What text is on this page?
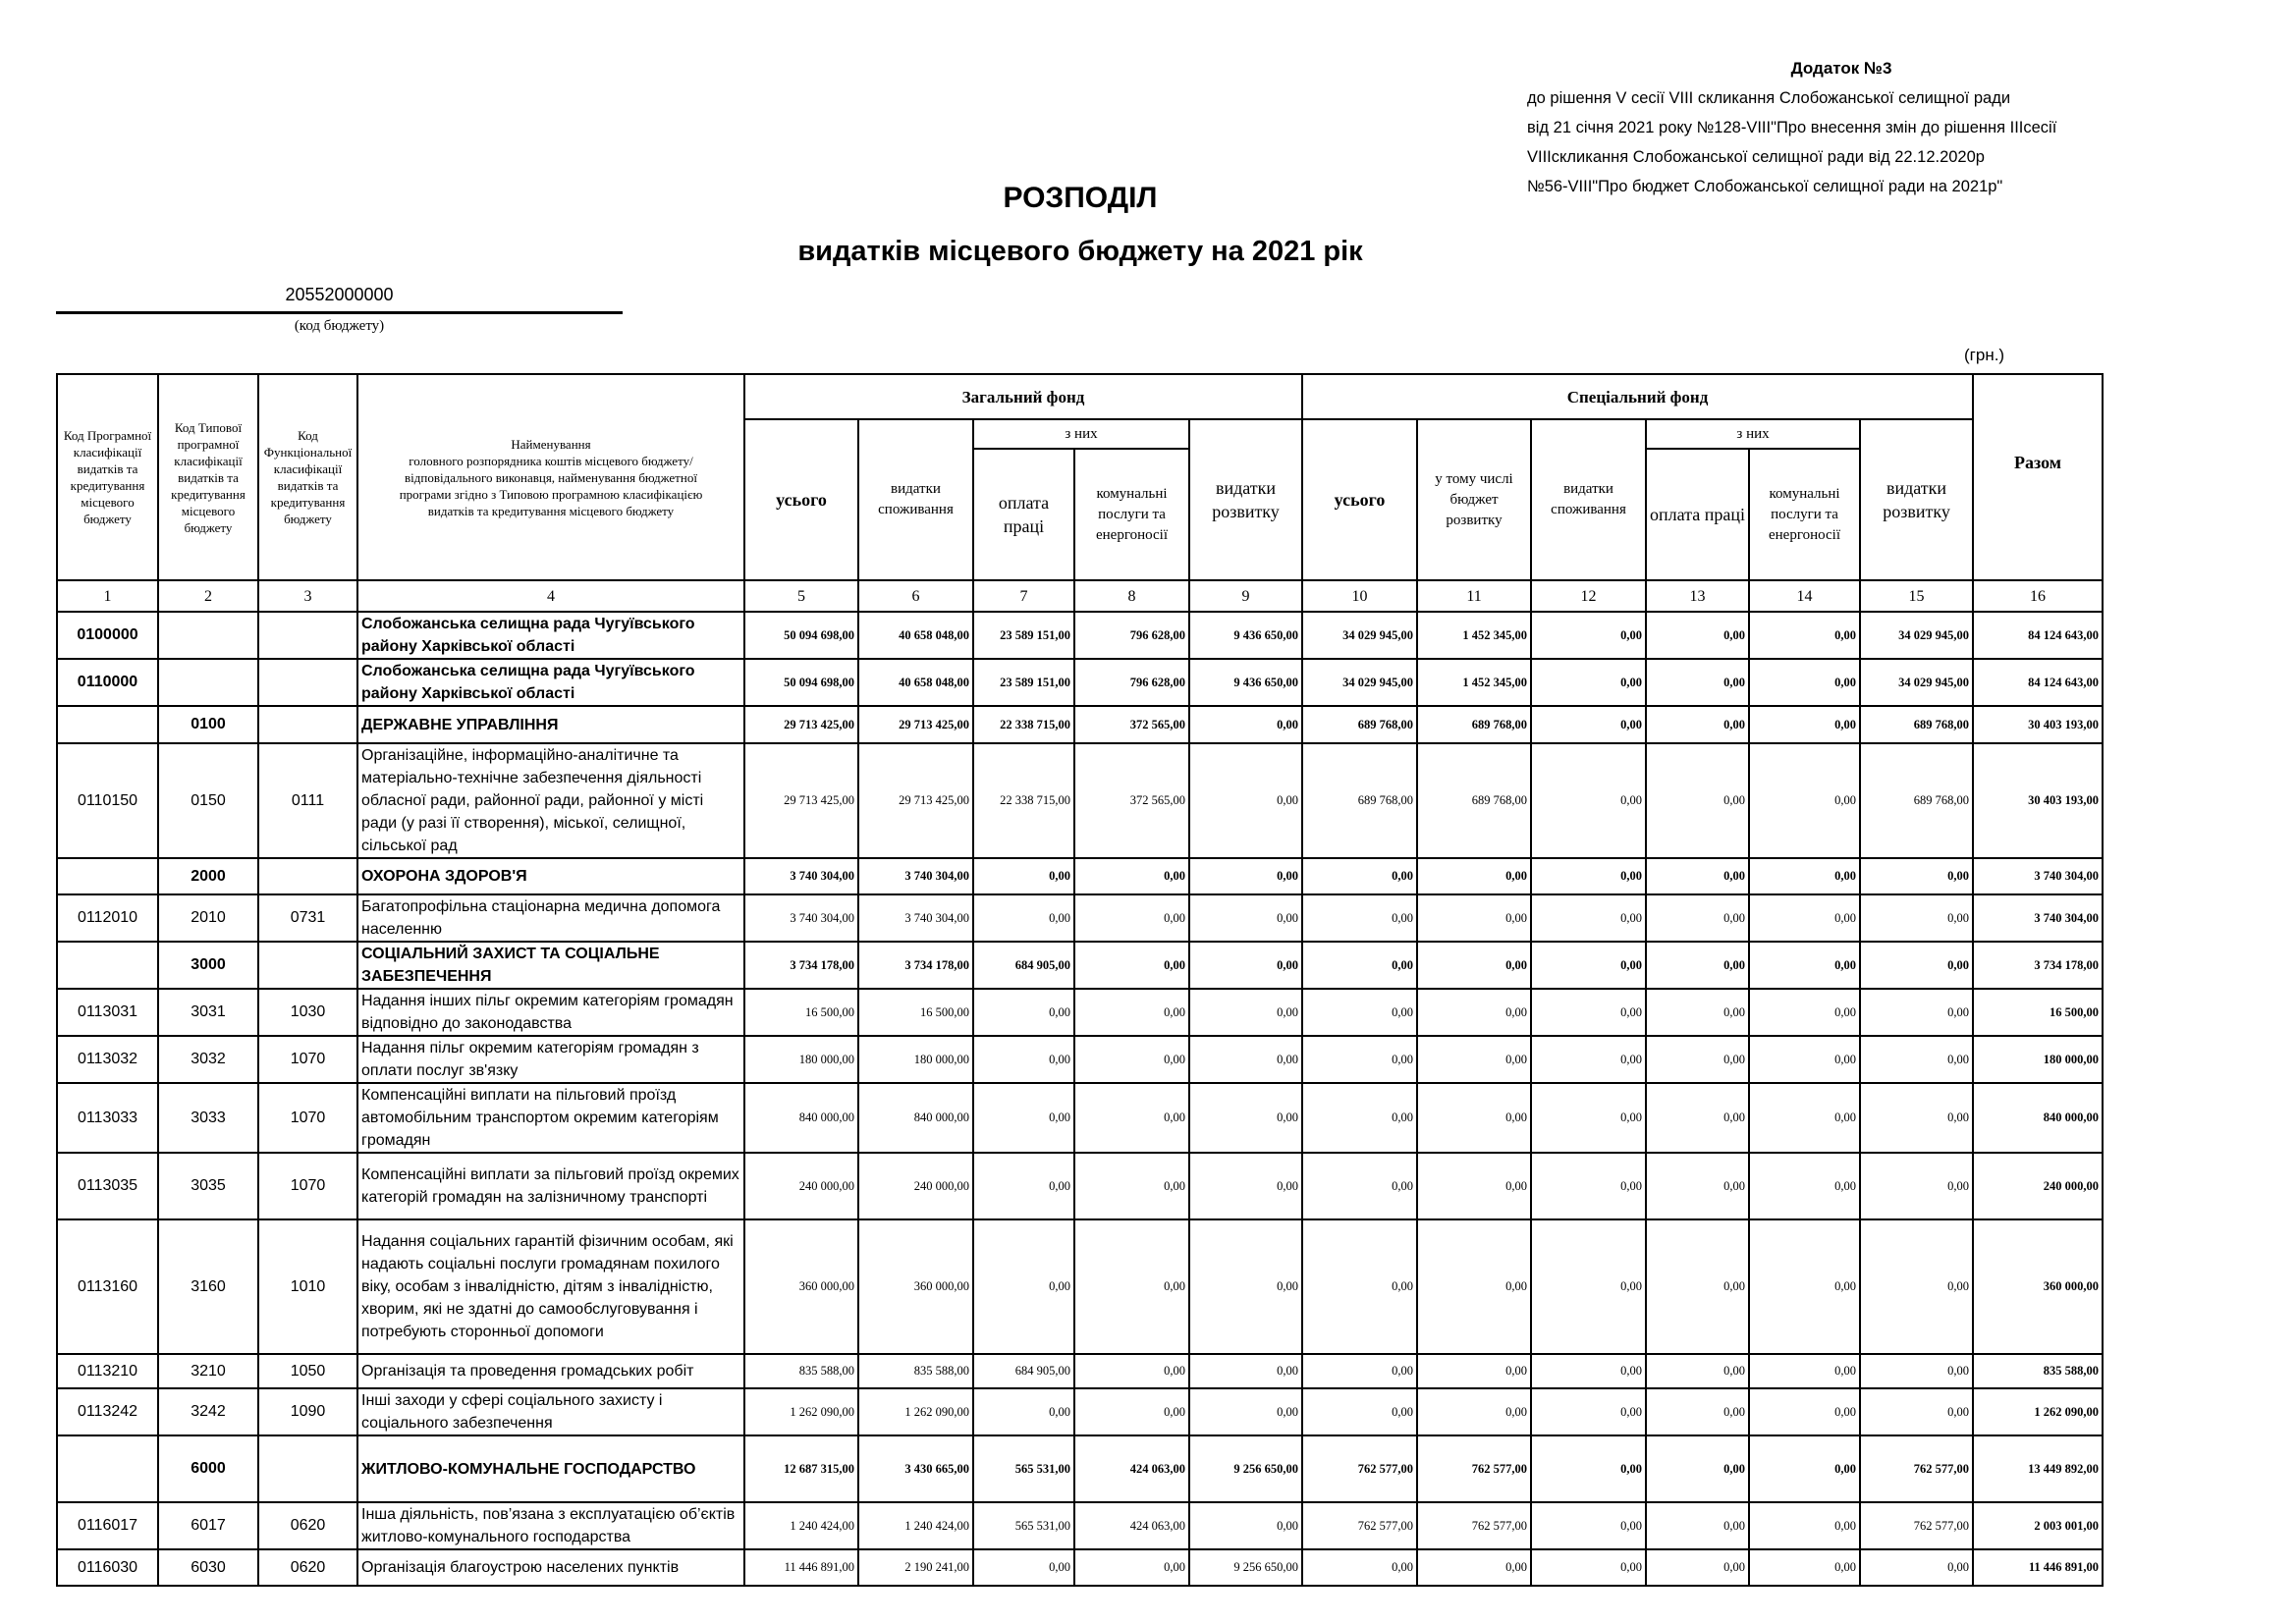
Додаток №3
до рішення V сесії VIII скликання Слобожанської селищної ради
від 21 січня 2021 року №128-VIII"Про внесення змін до рішення IIIсесії
VIIIскликання Слобожанської селищної ради від 22.12.2020р
№56-VIII"Про бюджет Слобожанської селищної ради на 2021р"
РОЗПОДІЛ
видатків місцевого бюджету на 2021 рік
20552000000
(код бюджету)
(грн.)
Код Програмної класифікації видатків та кредитування місцевого бюджету	Код Типової програмної класифікації видатків та кредитування місцевого бюджету	Код Функціональної класифікації видатків та кредитування бюджету	Найменування
головного розпорядника коштів місцевого бюджету/ відповідального виконавця, найменування бюджетної програми згідно з Типовою програмною класифікацією видатків та кредитування місцевого бюджету	Загальний фонд					Спеціальний фонд						Разом
				усього	видатки споживання	з них		видатки розвитку	усього	у тому числі бюджет розвитку	видатки споживання	з них		видатки розвитку	
						оплата праці	комунальні послуги та енергоносії					оплата праці	комунальні послуги та енергоносії		
1	2	3	4	5	6	7	8	9	10	11	12	13	14	15	16
0100000			Слобожанська селищна рада Чугуївського району Харківської області	50 094 698,00	40 658 048,00	23 589 151,00	796 628,00	9 436 650,00	34 029 945,00	1 452 345,00	0,00	0,00	0,00	34 029 945,00	84 124 643,00
0110000			Слобожанська селищна рада Чугуївського району Харківської області	50 094 698,00	40 658 048,00	23 589 151,00	796 628,00	9 436 650,00	34 029 945,00	1 452 345,00	0,00	0,00	0,00	34 029 945,00	84 124 643,00
	0100		ДЕРЖАВНЕ УПРАВЛІННЯ	29 713 425,00	29 713 425,00	22 338 715,00	372 565,00	0,00	689 768,00	689 768,00	0,00	0,00	0,00	689 768,00	30 403 193,00
0110150	0150	0111	Організаційне, інформаційно-аналітичне та матеріально-технічне забезпечення діяльності обласної ради, районної ради, районної у місті ради (у разі її створення), міської, селищної, сільської рад	29 713 425,00	29 713 425,00	22 338 715,00	372 565,00	0,00	689 768,00	689 768,00	0,00	0,00	0,00	689 768,00	30 403 193,00
	2000		ОХОРОНА ЗДОРОВ'Я	3 740 304,00	3 740 304,00	0,00	0,00	0,00	0,00	0,00	0,00	0,00	0,00	0,00	3 740 304,00
0112010	2010	0731	Багатопрофільна стаціонарна медична допомога населенню	3 740 304,00	3 740 304,00	0,00	0,00	0,00	0,00	0,00	0,00	0,00	0,00	0,00	3 740 304,00
	3000		СОЦІАЛЬНИЙ ЗАХИСТ ТА СОЦІАЛЬНЕ ЗАБЕЗПЕЧЕННЯ	3 734 178,00	3 734 178,00	684 905,00	0,00	0,00	0,00	0,00	0,00	0,00	0,00	0,00	3 734 178,00
0113031	3031	1030	Надання інших пільг окремим категоріям громадян відповідно до законодавства	16 500,00	16 500,00	0,00	0,00	0,00	0,00	0,00	0,00	0,00	0,00	0,00	16 500,00
0113032	3032	1070	Надання пільг окремим категоріям громадян з оплати послуг зв'язку	180 000,00	180 000,00	0,00	0,00	0,00	0,00	0,00	0,00	0,00	0,00	0,00	180 000,00
0113033	3033	1070	Компенсаційні виплати на пільговий проїзд автомобільним транспортом окремим категоріям громадян	840 000,00	840 000,00	0,00	0,00	0,00	0,00	0,00	0,00	0,00	0,00	0,00	840 000,00
0113035	3035	1070	Компенсаційні виплати за пільговий проїзд окремих категорій громадян на залізничному транспорті	240 000,00	240 000,00	0,00	0,00	0,00	0,00	0,00	0,00	0,00	0,00	0,00	240 000,00
0113160	3160	1010	Надання соціальних гарантій фізичним особам, які надають соціальні послуги громадянам похилого віку, особам з інвалідністю, дітям з інвалідністю, хворим, які не здатні до самообслуговування і потребують сторонньої допомоги	360 000,00	360 000,00	0,00	0,00	0,00	0,00	0,00	0,00	0,00	0,00	0,00	360 000,00
0113210	3210	1050	Організація та проведення громадських робіт	835 588,00	835 588,00	684 905,00	0,00	0,00	0,00	0,00	0,00	0,00	0,00	0,00	835 588,00
0113242	3242	1090	Інші заходи у сфері соціального захисту і соціального забезпечення	1 262 090,00	1 262 090,00	0,00	0,00	0,00	0,00	0,00	0,00	0,00	0,00	0,00	1 262 090,00
	6000		ЖИТЛОВО-КОМУНАЛЬНЕ ГОСПОДАРСТВО	12 687 315,00	3 430 665,00	565 531,00	424 063,00	9 256 650,00	762 577,00	762 577,00	0,00	0,00	0,00	762 577,00	13 449 892,00
0116017	6017	0620	Інша діяльність, пов’язана з експлуатацією об’єктів житлово-комунального господарства	1 240 424,00	1 240 424,00	565 531,00	424 063,00	0,00	762 577,00	762 577,00	0,00	0,00	0,00	762 577,00	2 003 001,00
0116030	6030	0620	Організація благоустрою населених пунктів	11 446 891,00	2 190 241,00	0,00	0,00	9 256 650,00	0,00	0,00	0,00	0,00	0,00	0,00	11 446 891,00
